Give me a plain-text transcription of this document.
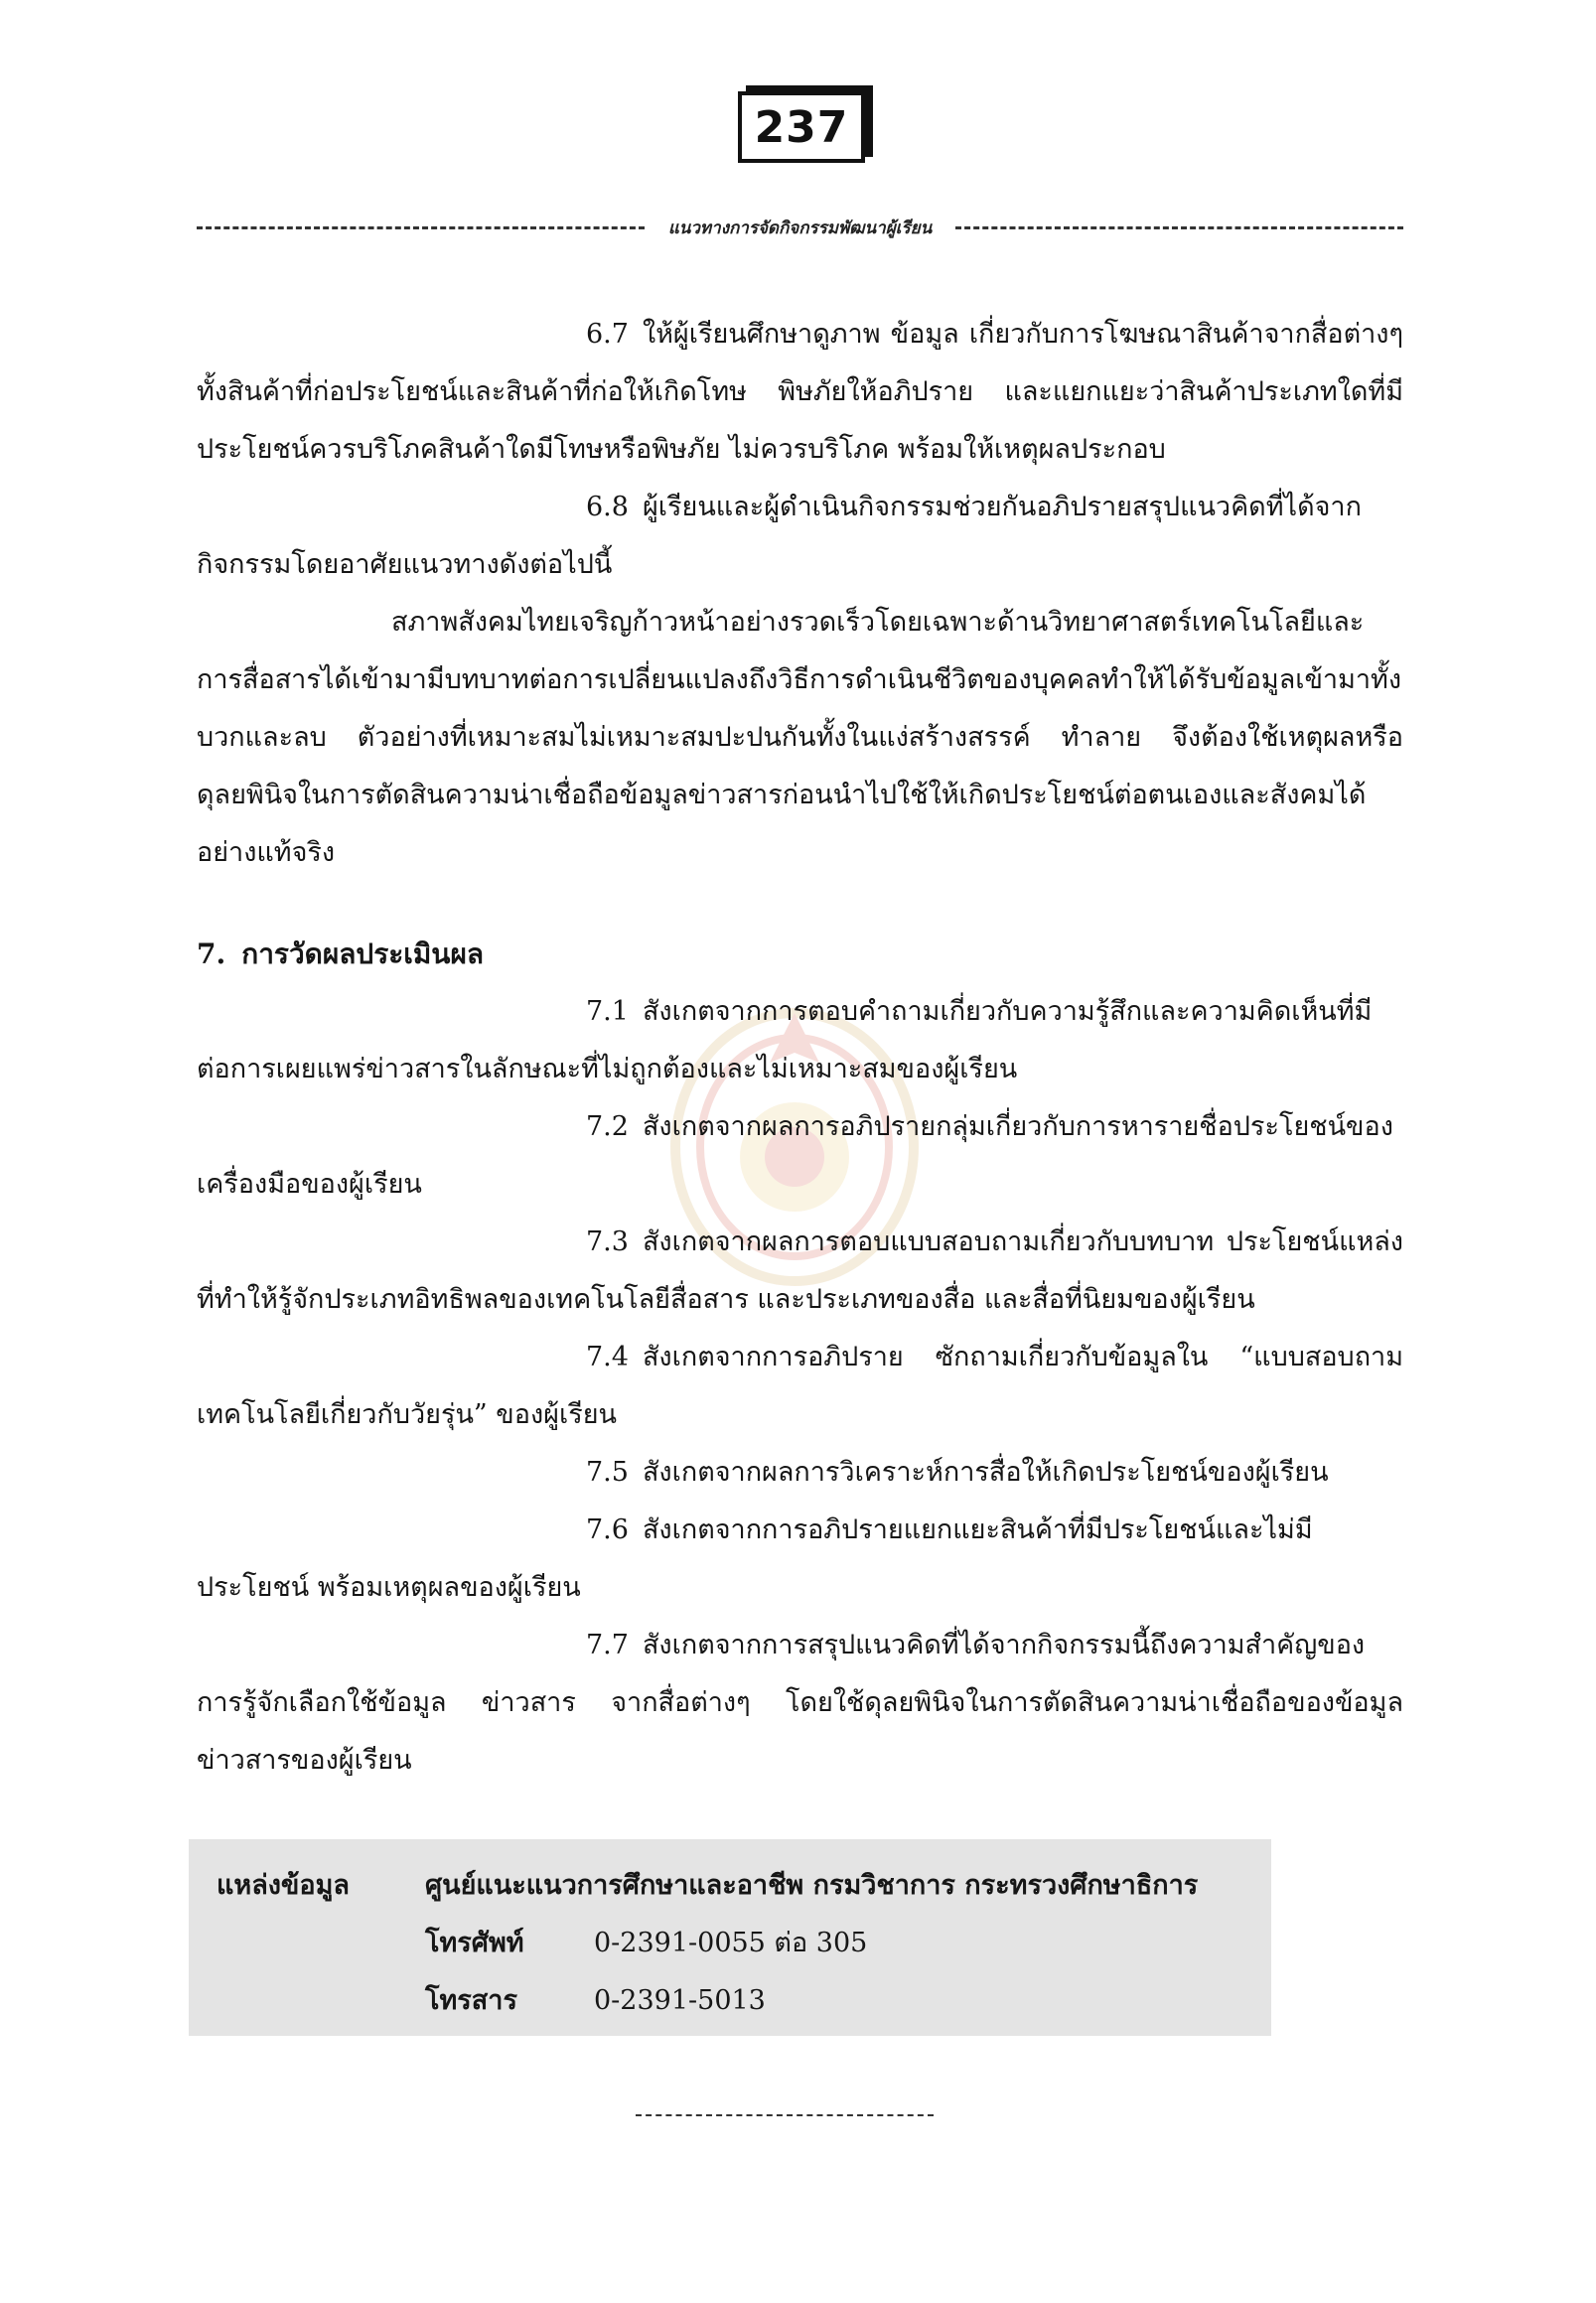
237
แนวทางการจัดกิจกรรมพัฒนาผู้เรียน

6.7 ให้ผู้เรียนศึกษาดูภาพ ข้อมูล เกี่ยวกับการโฆษณาสินค้าจากสื่อต่างๆ ทั้งสินค้าที่ก่อประโยชน์และสินค้าที่ก่อให้เกิดโทษ พิษภัยให้อภิปราย และแยกแยะว่าสินค้าประเภทใดที่มีประโยชน์ควรบริโภคสินค้าใดมีโทษหรือพิษภัย ไม่ควรบริโภค พร้อมให้เหตุผลประกอบ

6.8 ผู้เรียนและผู้ดำเนินกิจกรรมช่วยกันอภิปรายสรุปแนวคิดที่ได้จากกิจกรรมโดยอาศัยแนวทางดังต่อไปนี้

สภาพสังคมไทยเจริญก้าวหน้าอย่างรวดเร็วโดยเฉพาะด้านวิทยาศาสตร์เทคโนโลยีและการสื่อสารได้เข้ามามีบทบาทต่อการเปลี่ยนแปลงถึงวิธีการดำเนินชีวิตของบุคคลทำให้ได้รับข้อมูลเข้ามาทั้งบวกและลบ ตัวอย่างที่เหมาะสมไม่เหมาะสมปะปนกันทั้งในแง่สร้างสรรค์ ทำลาย จึงต้องใช้เหตุผลหรือดุลยพินิจในการตัดสินความน่าเชื่อถือข้อมูลข่าวสารก่อนนำไปใช้ให้เกิดประโยชน์ต่อตนเองและสังคมได้อย่างแท้จริง

7. การวัดผลประเมินผล

7.1 สังเกตจากการตอบคำถามเกี่ยวกับความรู้สึกและความคิดเห็นที่มีต่อการเผยแพร่ข่าวสารในลักษณะที่ไม่ถูกต้องและไม่เหมาะสมของผู้เรียน

7.2 สังเกตจากผลการอภิปรายกลุ่มเกี่ยวกับการหารายชื่อประโยชน์ของเครื่องมือของผู้เรียน

7.3 สังเกตจากผลการตอบแบบสอบถามเกี่ยวกับบทบาท ประโยชน์แหล่งที่ทำให้รู้จักประเภทอิทธิพลของเทคโนโลยีสื่อสาร และประเภทของสื่อ และสื่อที่นิยมของผู้เรียน

7.4 สังเกตจากการอภิปราย ซักถามเกี่ยวกับข้อมูลใน “แบบสอบถามเทคโนโลยีเกี่ยวกับวัยรุ่น” ของผู้เรียน

7.5 สังเกตจากผลการวิเคราะห์การสื่อให้เกิดประโยชน์ของผู้เรียน

7.6 สังเกตจากการอภิปรายแยกแยะสินค้าที่มีประโยชน์และไม่มีประโยชน์ พร้อมเหตุผลของผู้เรียน

7.7 สังเกตจากการสรุปแนวคิดที่ได้จากกิจกรรมนี้ถึงความสำคัญของการรู้จักเลือกใช้ข้อมูล ข่าวสาร จากสื่อต่างๆ โดยใช้ดุลยพินิจในการตัดสินความน่าเชื่อถือของข้อมูลข่าวสารของผู้เรียน

แหล่งข้อมูล	ศูนย์แนะแนวการศึกษาและอาชีพ กรมวิชาการ กระทรวงศึกษาธิการ
โทรศัพท์	0-2391-0055 ต่อ 305
โทรสาร	0-2391-5013
